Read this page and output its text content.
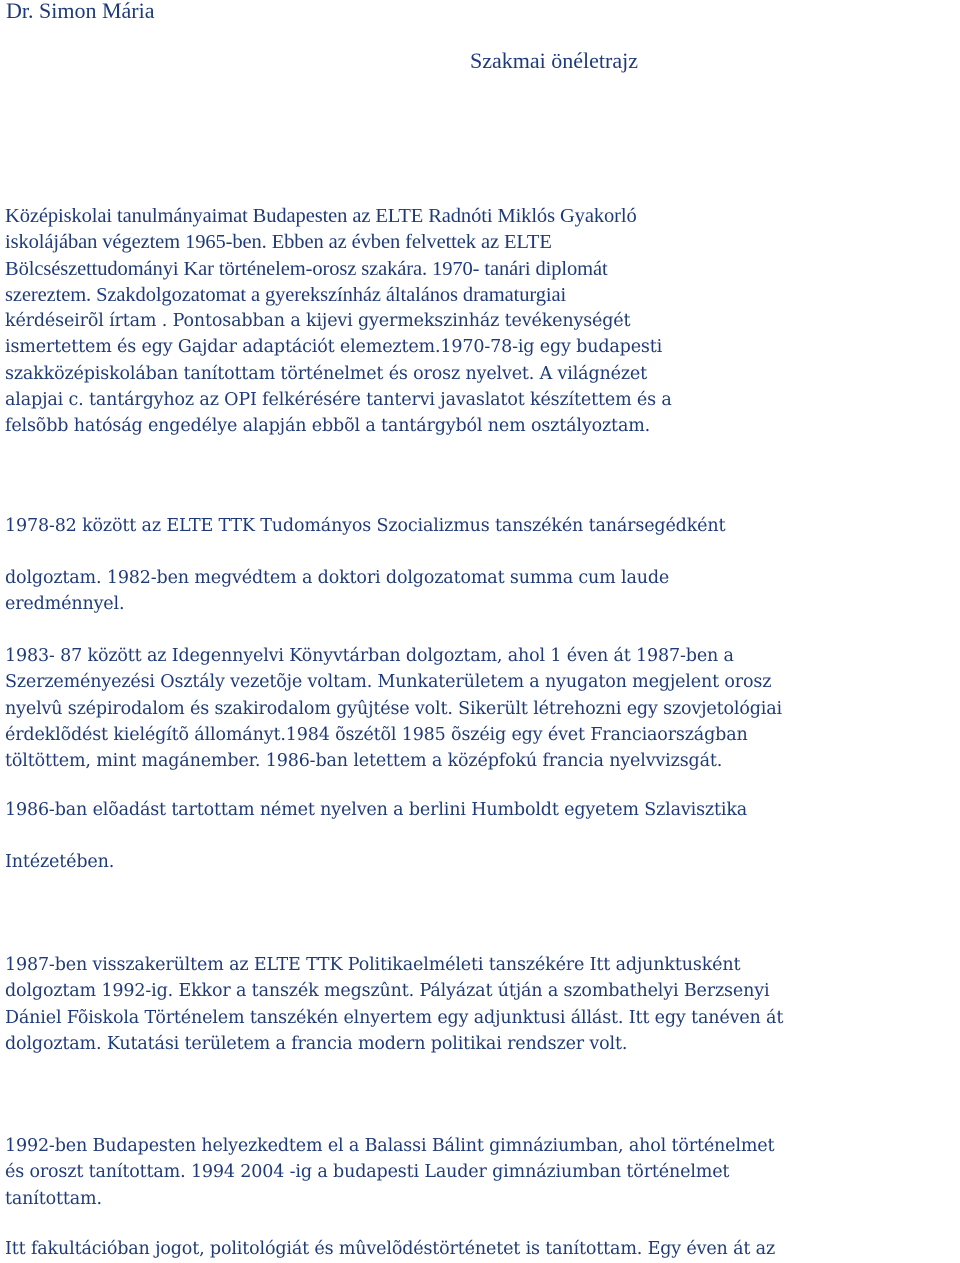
Dr. Simon Mária
Szakmai önéletrajz
Középiskolai tanulmányaimat Budapesten az ELTE Radnóti Miklós Gyakorló
iskolájában végeztem 1965-ben. Ebben az évben felvettek az ELTE
Bölcsészettudományi Kar történelem-orosz szakára. 1970- tanári diplomát
szereztem. Szakdolgozatomat a gyerekszínház általános dramaturgiai
kérdéseirõl írtam . Pontosabban a kijevi gyermekszinház tevékenységét
ismertettem és egy Gajdar adaptációt elemeztem.1970-78-ig egy budapesti
szakközépiskolában tanítottam történelmet és orosz nyelvet. A világnézet
alapjai c. tantárgyhoz az OPI felkérésére tantervi javaslatot készítettem és a
felsõbb hatóság engedélye alapján ebbõl a tantárgyból nem osztályoztam.
1978-82 között az ELTE TTK Tudományos Szocializmus tanszékén tanársegédként
dolgoztam. 1982-ben megvédtem a doktori dolgozatomat summa cum laude
eredménnyel.
1983- 87 között az Idegennyelvi Könyvtárban dolgoztam, ahol 1 éven át 1987-ben a
Szerzeményezési Osztály vezetõje voltam. Munkaterületem a nyugaton megjelent orosz
nyelvû szépirodalom és szakirodalom gyûjtése volt. Sikerült létrehozni egy szovjetológiai
érdeklõdést kielégítõ állományt.1984 õszétõl 1985 õszéig egy évet Franciaországban
töltöttem, mint magánember. 1986-ban letettem a középfokú francia nyelvvizsgát.
1986-ban elõadást tartottam német nyelven a berlini Humboldt egyetem Szlavisztika
Intézetében.
1987-ben visszakerültem az ELTE TTK Politikaelméleti tanszékére Itt adjunktusként
dolgoztam 1992-ig. Ekkor a tanszék megszûnt. Pályázat útján a szombathelyi Berzsenyi
Dániel Fõiskola Történelem tanszékén elnyertem egy adjunktusi állást. Itt egy tanéven át
dolgoztam. Kutatási területem a francia modern politikai rendszer volt.
1992-ben Budapesten helyezkedtem el a Balassi Bálint gimnáziumban, ahol történelmet
és oroszt tanítottam. 1994 2004 -ig a budapesti Lauder gimnáziumban történelmet
tanítottam.
Itt fakultációban jogot, politológiát és mûvelõdéstörténetet is tanítottam. Egy éven át az
